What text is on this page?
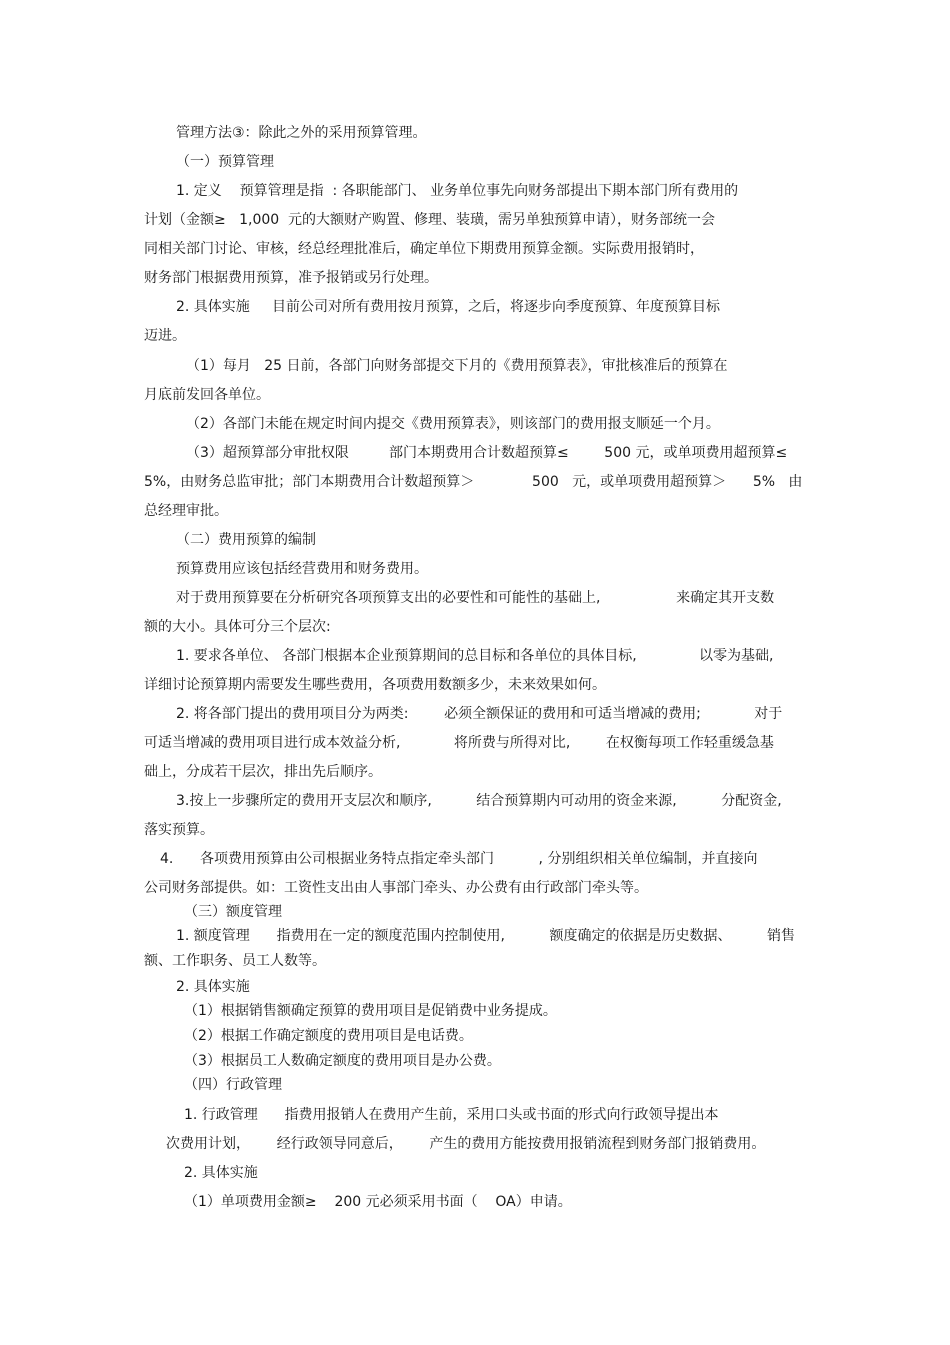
管理方法③：除此之外的采用预算管理。

（一）预算管理

1. 定义    预算管理是指  : 各职能部门、 业务单位事先向财务部提出下期本部门所有费用的

计划（金额≥   1,000  元的大额财产购置、修理、装璜，需另单独预算申请），财务部统一会

同相关部门讨论、审核，经总经理批准后，确定单位下期费用预算金额。实际费用报销时，

财务部门根据费用预算，准予报销或另行处理。

2. 具体实施     目前公司对所有费用按月预算，之后，将逐步向季度预算、年度预算目标

迈进。

（1）每月   25 日前，各部门向财务部提交下月的《费用预算表》，审批核准后的预算在

月底前发回各单位。

（2）各部门未能在规定时间内提交《费用预算表》，则该部门的费用报支顺延一个月。

（3）超预算部分审批权限         部门本期费用合计数超预算≤        500 元，或单项费用超预算≤

5%，由财务总监审批；部门本期费用合计数超预算＞             500   元，或单项费用超预算＞      5%   由

总经理审批。

（二）费用预算的编制

预算费用应该包括经营费用和财务费用。

对于费用预算要在分析研究各项预算支出的必要性和可能性的基础上,                 来确定其开支数

额的大小。具体可分三个层次:

1. 要求各单位、 各部门根据本企业预算期间的总目标和各单位的具体目标,              以零为基础,

详细讨论预算期内需要发生哪些费用，各项费用数额多少，未来效果如何。

2. 将各部门提出的费用项目分为两类:        必须全额保证的费用和可适当增减的费用;            对于

可适当增减的费用项目进行成本效益分析,            将所费与所得对比,        在权衡每项工作轻重缓急基

础上，分成若干层次，排出先后顺序。

3.按上一步骤所定的费用开支层次和顺序,          结合预算期内可动用的资金来源,          分配资金,

落实预算。

4.      各项费用预算由公司根据业务特点指定牵头部门          , 分别组织相关单位编制，并直接向

公司财务部提供。如：工资性支出由人事部门牵头、办公费有由行政部门牵头等。

（三）额度管理

1. 额度管理      指费用在一定的额度范围内控制使用,          额度确定的依据是历史数据、        销售

额、工作职务、员工人数等。

2. 具体实施

（1）根据销售额确定预算的费用项目是促销费中业务提成。

（2）根据工作确定额度的费用项目是电话费。

（3）根据员工人数确定额度的费用项目是办公费。

（四）行政管理

1. 行政管理      指费用报销人在费用产生前，采用口头或书面的形式向行政领导提出本

次费用计划，      经行政领导同意后，      产生的费用方能按费用报销流程到财务部门报销费用。

2. 具体实施

（1）单项费用金额≥    200 元必须采用书面（    OA）申请。
